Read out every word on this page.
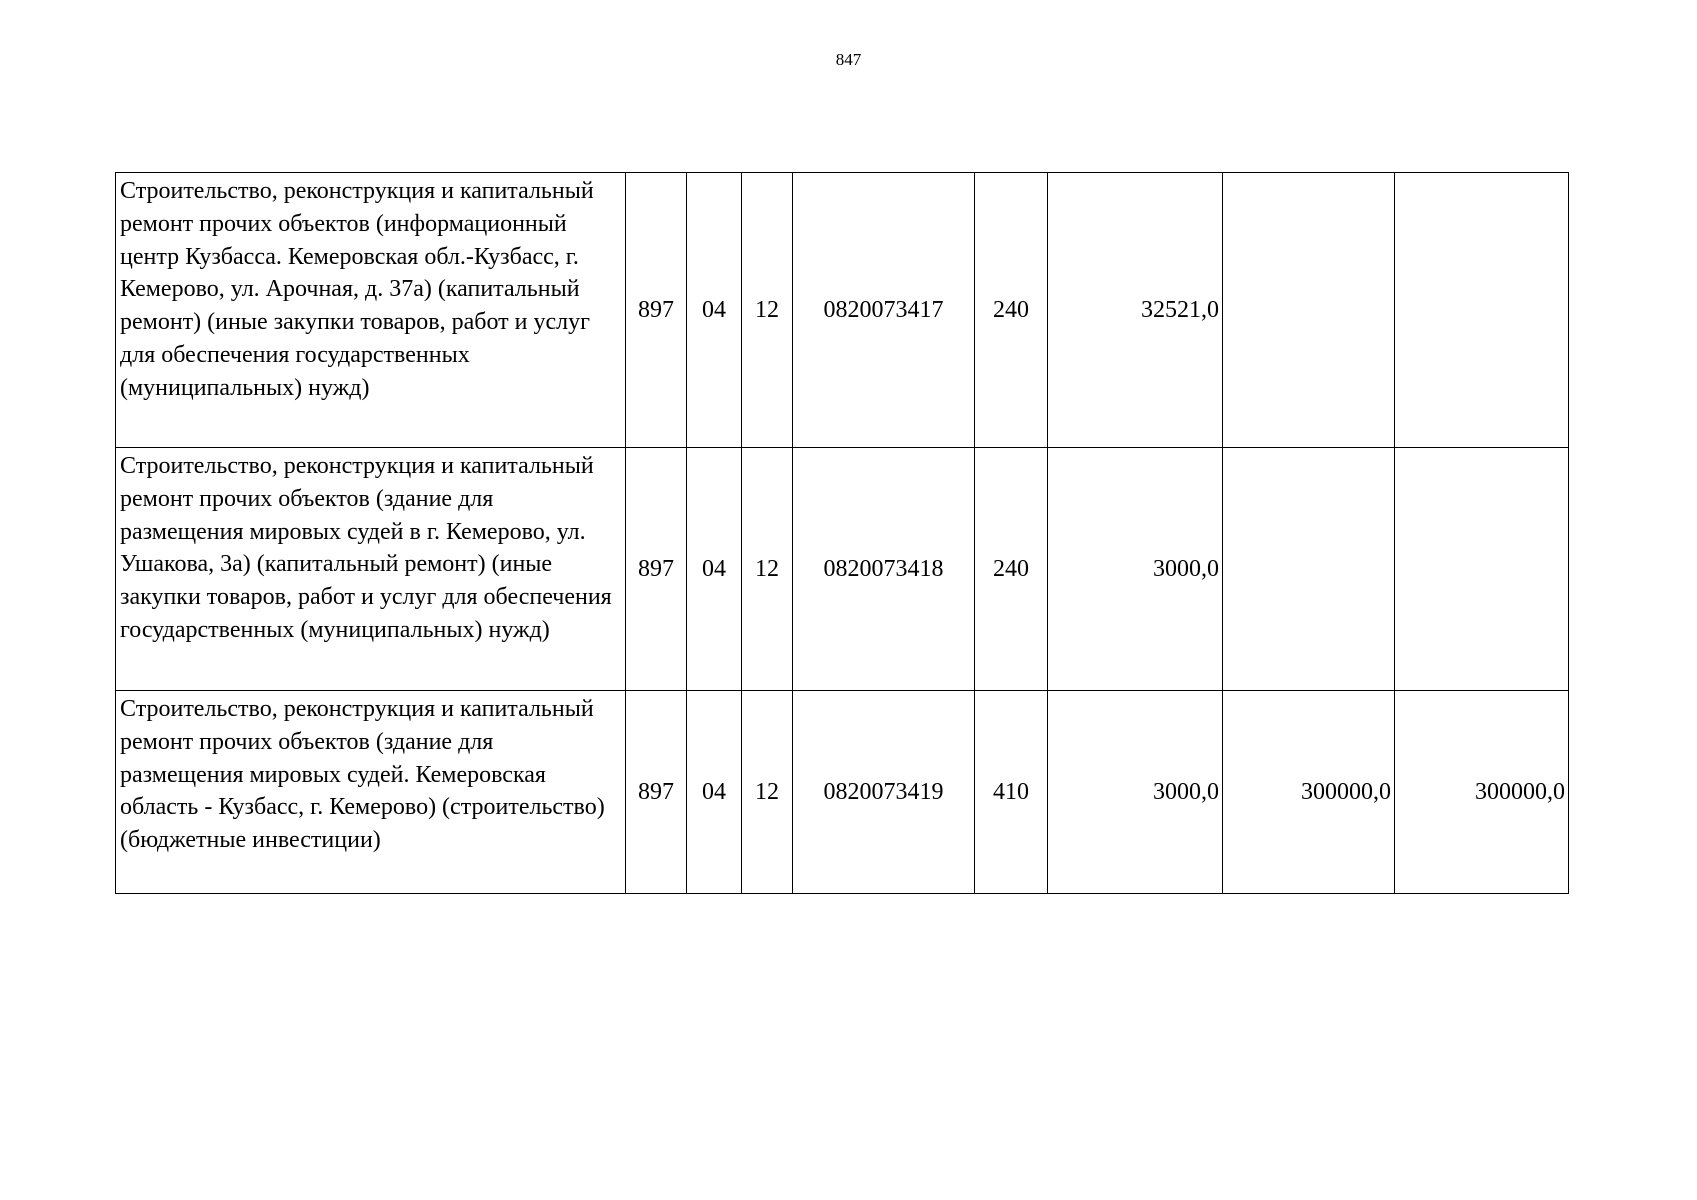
847
Строительство, реконструкция и капитальный ремонт прочих объектов (информационный центр Кузбасса. Кемеровская обл.-Кузбасс, г. Кемерово, ул. Арочная, д. 37а) (капитальный ремонт) (иные закупки товаров, работ и услуг для обеспечения государственных (муниципальных) нужд)	897	04	12	0820073417	240	32521,0		
Строительство, реконструкция и капитальный ремонт прочих объектов (здание для размещения мировых судей в г. Кемерово, ул. Ушакова, 3а) (капитальный ремонт) (иные закупки товаров, работ и услуг для обеспечения государственных (муниципальных) нужд)	897	04	12	0820073418	240	3000,0		
Строительство, реконструкция и капитальный ремонт прочих объектов (здание для размещения мировых судей. Кемеровская область - Кузбасс, г. Кемерово) (строительство) (бюджетные инвестиции)	897	04	12	0820073419	410	3000,0	300000,0	300000,0
